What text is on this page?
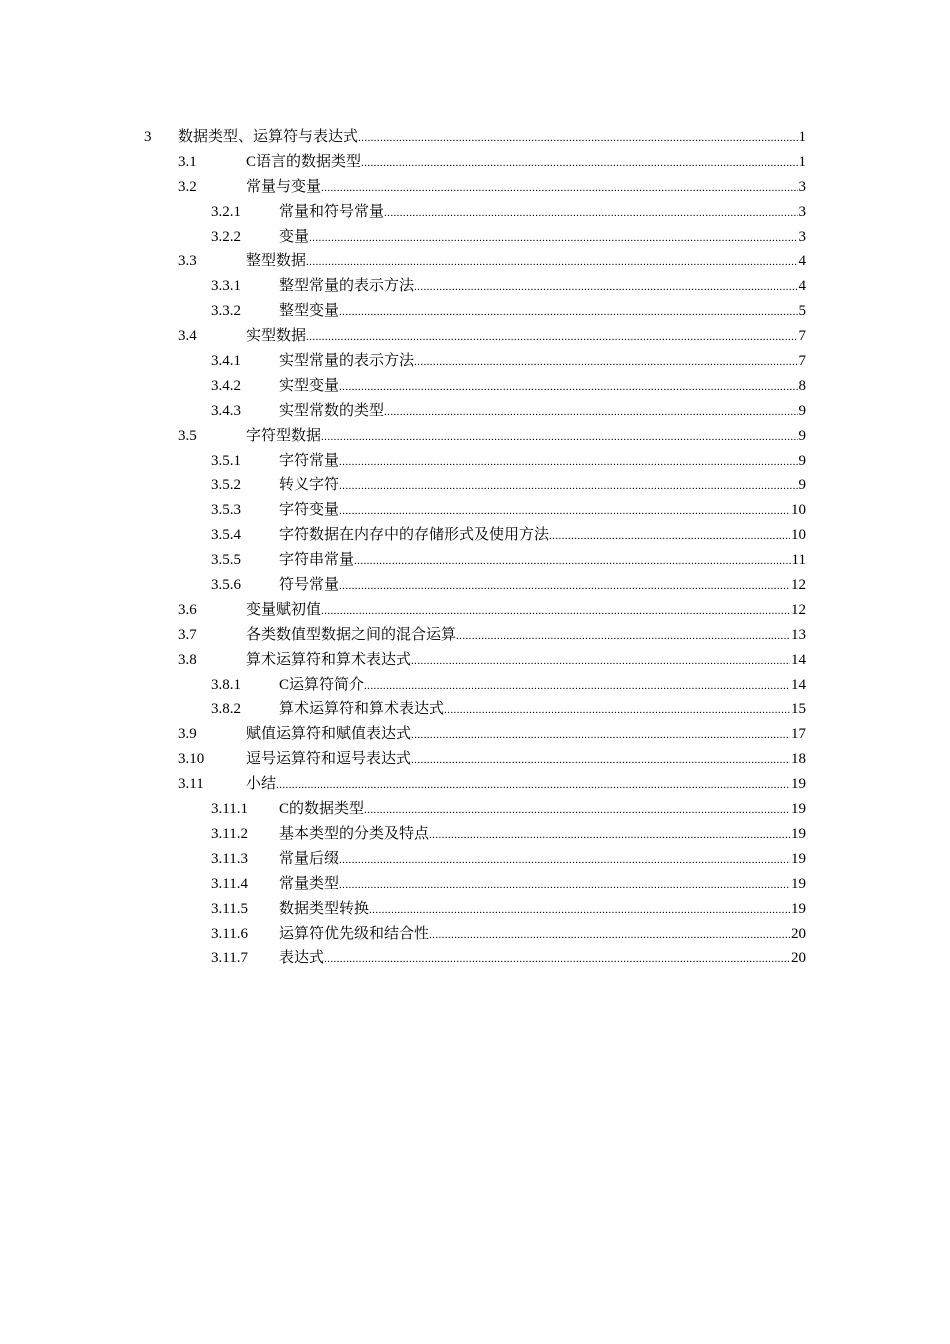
3 数据类型、运算符与表达式 .....	1
3.1	C语言的数据类型 .....	1
3.2	常量与变量 .....	3
3.2.1	常量和符号常量 .....	3
3.2.2	变量 .....	3
3.3	整型数据 .....	4
3.3.1	整型常量的表示方法 .....	4
3.3.2	整型变量 .....	5
3.4	实型数据 .....	7
3.4.1	实型常量的表示方法 .....	7
3.4.2	实型变量 .....	8
3.4.3	实型常数的类型 .....	9
3.5	字符型数据 .....	9
3.5.1	字符常量 .....	9
3.5.2	转义字符 .....	9
3.5.3	字符变量 .....	10
3.5.4	字符数据在内存中的存储形式及使用方法 .....	10
3.5.5	字符串常量 .....	11
3.5.6	符号常量 .....	12
3.6	变量赋初值 .....	12
3.7	各类数值型数据之间的混合运算 .....	13
3.8	算术运算符和算术表达式 .....	14
3.8.1	C运算符简介 .....	14
3.8.2	算术运算符和算术表达式 .....	15
3.9	赋值运算符和赋值表达式 .....	17
3.10	逗号运算符和逗号表达式 .....	18
3.11	小结 .....	19
3.11.1 C的数据类型 .....	19
3.11.2 基本类型的分类及特点 .....	19
3.11.3 常量后缀 .....	19
3.11.4 常量类型 .....	19
3.11.5 数据类型转换 .....	19
3.11.6 运算符优先级和结合性 .....	20
3.11.7 表达式 .....	20
